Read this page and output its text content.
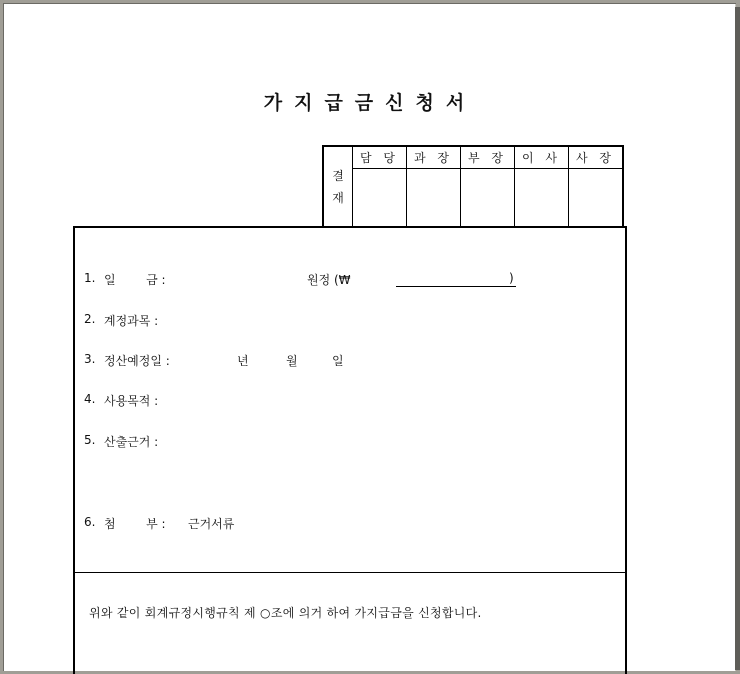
가지급금신청서
결
재	담 당	과 장	부 장	이 사	사 장

1. 일        금 :	원정 (₩	)
2. 계정과목 :
3. 정산예정일 :	년	월	일
4. 사용목적 :
5. 산출근거 :
6. 첨        부 : 근거서류
위와 같이 회계규정시행규칙 제 ○조에 의거 하여 가지급금을 신청합니다.
